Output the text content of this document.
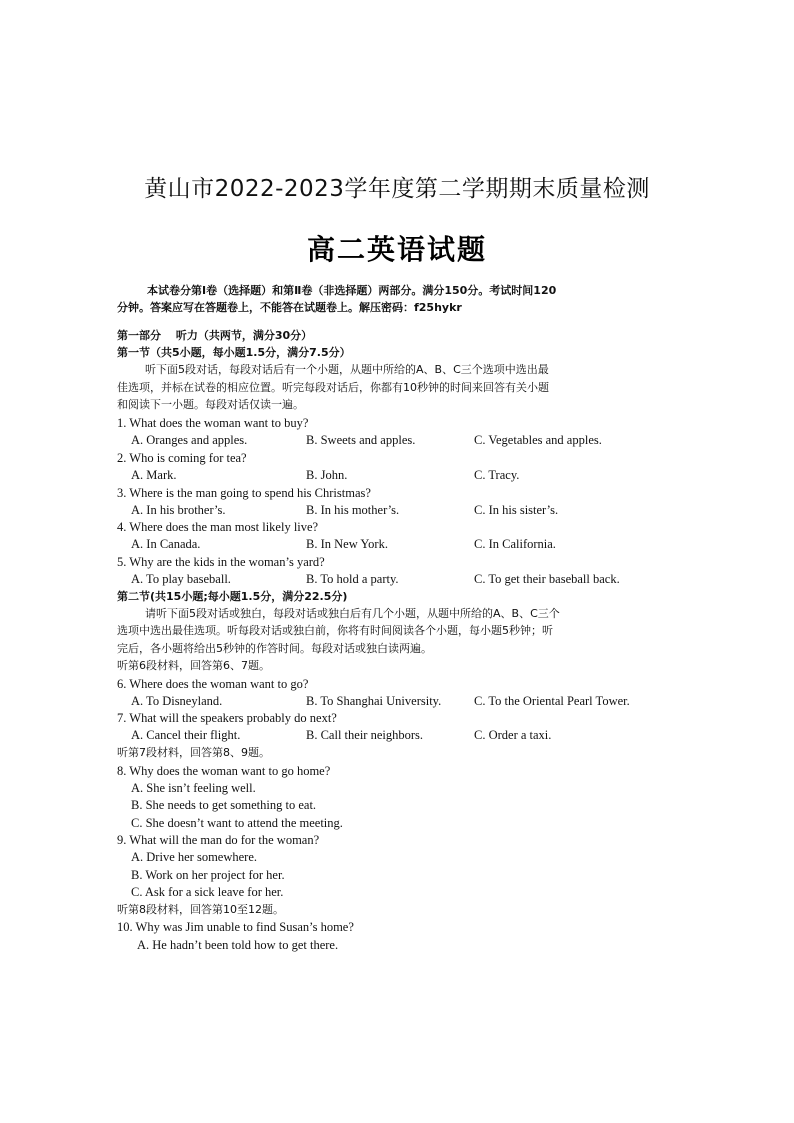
黄山市2022-2023学年度第二学期期末质量检测
高二英语试题
本试卷分第Ⅰ卷（选择题）和第Ⅱ卷（非选择题）两部分。满分150分。考试时间120
分钟。答案应写在答题卷上，不能答在试题卷上。解压密码：f25hykr
第一部分　 听力（共两节，满分30分）
第一节（共5小题，每小题1.5分，满分7.5分）
听下面5段对话，每段对话后有一个小题，从题中所给的A、B、C三个选项中选出最
佳选项，并标在试卷的相应位置。听完每段对话后，你都有10秒钟的时间来回答有关小题
和阅读下一小题。每段对话仅读一遍。
1. What does the woman want to buy?
A. Oranges and apples.	B. Sweets and apples.	C. Vegetables and apples.
2. Who is coming for tea?
A. Mark.	B. John.	C. Tracy.
3. Where is the man going to spend his Christmas?
A. In his brother’s.	B. In his mother’s.	C. In his sister’s.
4. Where does the man most likely live?
A. In Canada.	B. In New York.	C. In California.
5. Why are the kids in the woman’s yard?
A. To play baseball.	B. To hold a party.	C. To get their baseball back.
第二节(共15小题;每小题1.5分，满分22.5分)
请听下面5段对话或独白，每段对话或独白后有几个小题，从题中所给的A、B、C三个
选项中选出最佳选项。听每段对话或独白前，你将有时间阅读各个小题，每小题5秒钟；听
完后，各小题将给出5秒钟的作答时间。每段对话或独白读两遍。
听第6段材料，回答第6、7题。
6. Where does the woman want to go?
A. To Disneyland.	B. To Shanghai University.	C. To the Oriental Pearl Tower.
7. What will the speakers probably do next?
A. Cancel their flight.	B. Call their neighbors.	C. Order a taxi.
听第7段材料，回答第8、9题。
8. Why does the woman want to go home?
A. She isn’t feeling well.
B. She needs to get something to eat.
C. She doesn’t want to attend the meeting.
9. What will the man do for the woman?
A. Drive her somewhere.
B. Work on her project for her.
C. Ask for a sick leave for her.
听第8段材料，回答第10至12题。
10. Why was Jim unable to find Susan’s home?
A. He hadn’t been told how to get there.
